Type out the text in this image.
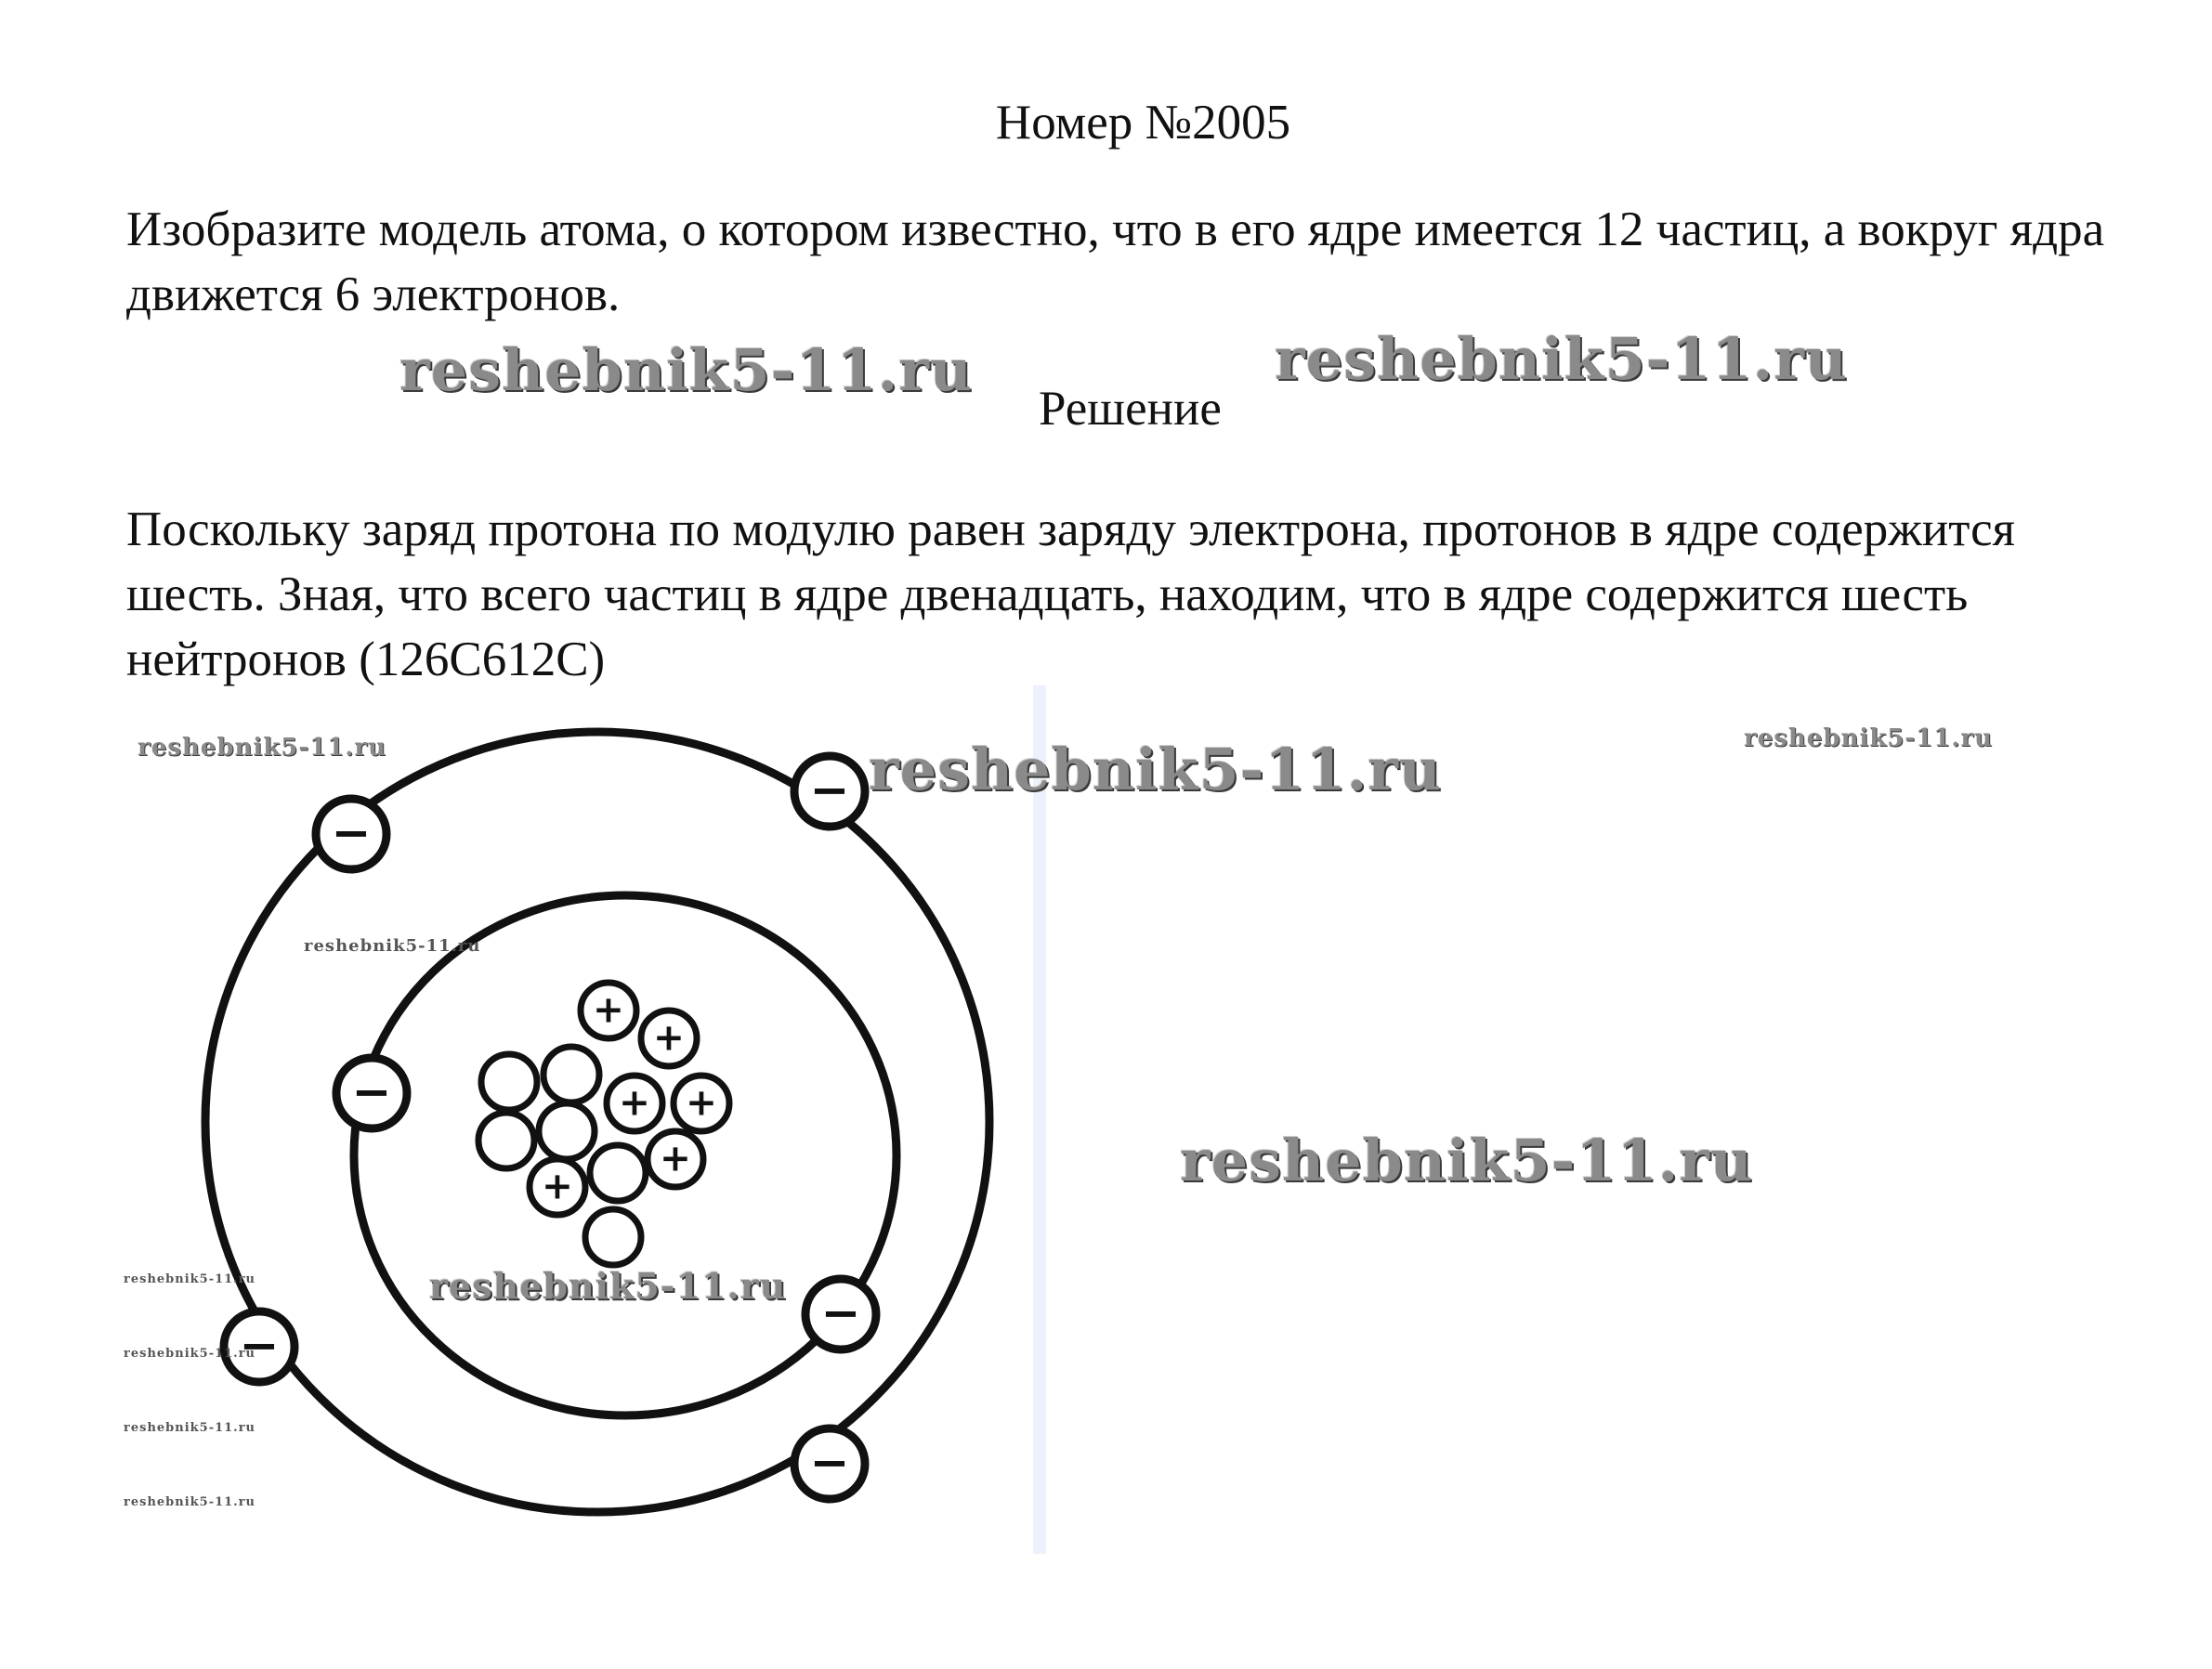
Номер №2005
Изобразите модель атома, о котором известно, что в его ядре имеется 12 частиц, а вокруг ядра движется 6 электронов.
reshebnik5-11.ru
Решение
reshebnik5-11.ru
Поскольку заряд протона по модулю равен заряду электрона, протонов в ядре содержится шесть. Зная, что всего частиц в ядре двенадцать, находим, что в ядре содержится шесть нейтронов (126С612С)
−
−
−
−
−
−
+
+
+ +
+
+
reshebnik5-11.ru	reshebnik5-11.ru	reshebnik5-11.ru
reshebnik5-11.ru
reshebnik5-11.ru
reshebnik5-11.ru
reshebnik5-11.ru
reshebnik5-11.ru
reshebnik5-11.ru
reshebnik5-11.ru
